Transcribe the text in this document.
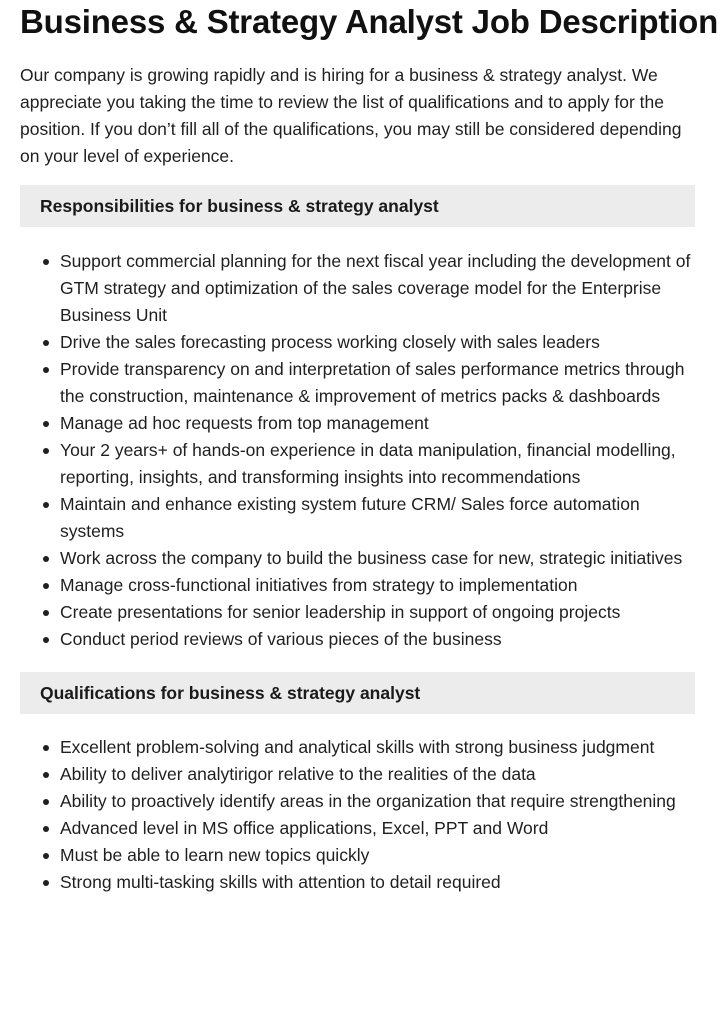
Business & Strategy Analyst Job Description

Our company is growing rapidly and is hiring for a business & strategy analyst. We appreciate you taking the time to review the list of qualifications and to apply for the position. If you don’t fill all of the qualifications, you may still be considered depending on your level of experience.

Responsibilities for business & strategy analyst
Support commercial planning for the next fiscal year including the development of GTM strategy and optimization of the sales coverage model for the Enterprise Business Unit
Drive the sales forecasting process working closely with sales leaders
Provide transparency on and interpretation of sales performance metrics through the construction, maintenance & improvement of metrics packs & dashboards
Manage ad hoc requests from top management
Your 2 years+ of hands-on experience in data manipulation, financial modelling, reporting, insights, and transforming insights into recommendations
Maintain and enhance existing system future CRM/ Sales force automation systems
Work across the company to build the business case for new, strategic initiatives
Manage cross-functional initiatives from strategy to implementation
Create presentations for senior leadership in support of ongoing projects
Conduct period reviews of various pieces of the business
Qualifications for business & strategy analyst
Excellent problem-solving and analytical skills with strong business judgment
Ability to deliver analytirigor relative to the realities of the data
Ability to proactively identify areas in the organization that require strengthening
Advanced level in MS office applications, Excel, PPT and Word
Must be able to learn new topics quickly
Strong multi-tasking skills with attention to detail required
